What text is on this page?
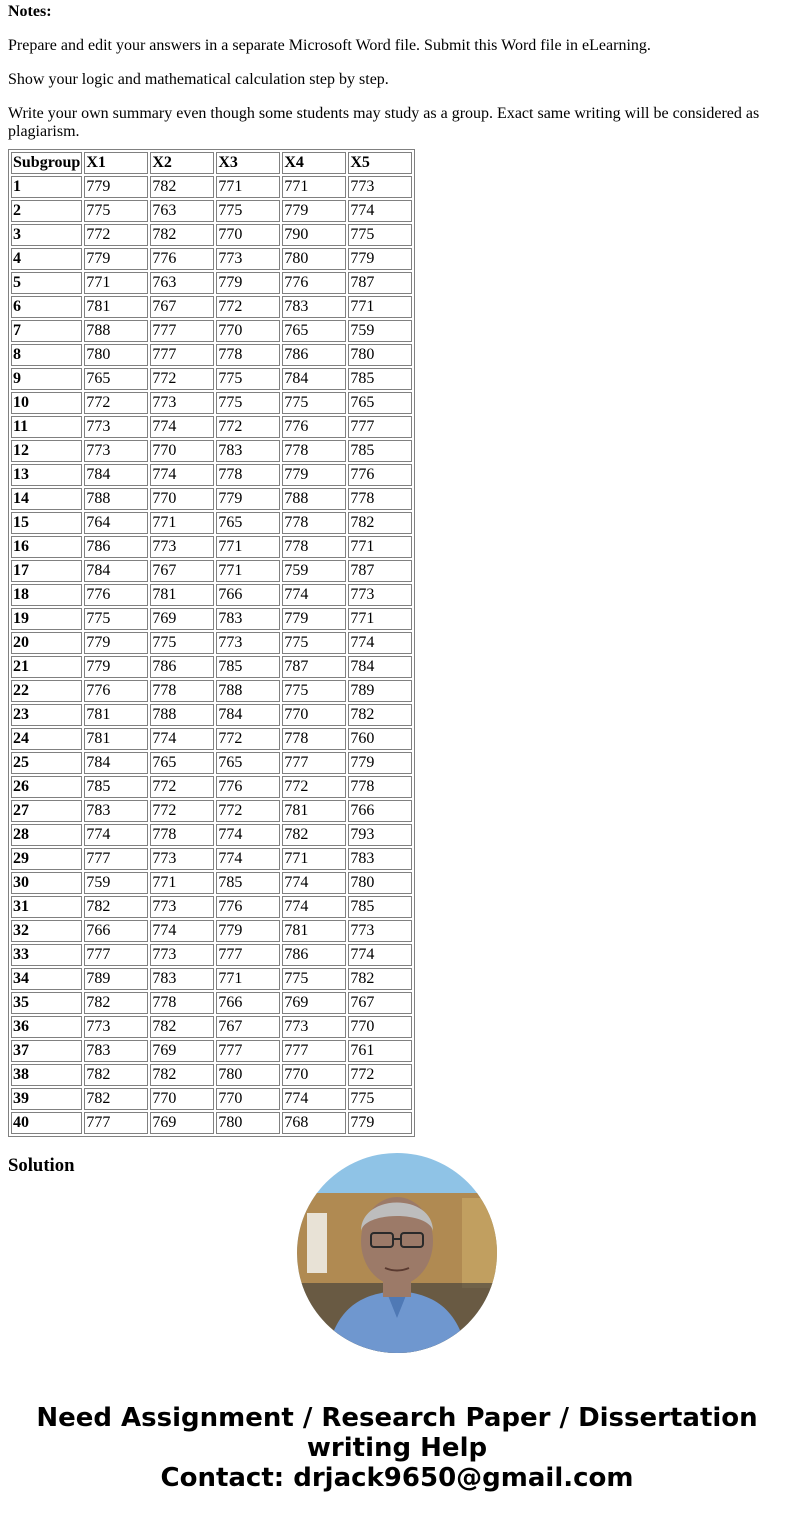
Notes:

Prepare and edit your answers in a separate Microsoft Word file. Submit this Word file in eLearning.

Show your logic and mathematical calculation step by step.

Write your own summary even though some students may study as a group. Exact same writing will be considered as plagiarism.

Subgroup	X1	X2	X3	X4	X5
1	779	782	771	771	773
2	775	763	775	779	774
3	772	782	770	790	775
4	779	776	773	780	779
5	771	763	779	776	787
6	781	767	772	783	771
7	788	777	770	765	759
8	780	777	778	786	780
9	765	772	775	784	785
10	772	773	775	775	765
11	773	774	772	776	777
12	773	770	783	778	785
13	784	774	778	779	776
14	788	770	779	788	778
15	764	771	765	778	782
16	786	773	771	778	771
17	784	767	771	759	787
18	776	781	766	774	773
19	775	769	783	779	771
20	779	775	773	775	774
21	779	786	785	787	784
22	776	778	788	775	789
23	781	788	784	770	782
24	781	774	772	778	760
25	784	765	765	777	779
26	785	772	776	772	778
27	783	772	772	781	766
28	774	778	774	782	793
29	777	773	774	771	783
30	759	771	785	774	780
31	782	773	776	774	785
32	766	774	779	781	773
33	777	773	777	786	774
34	789	783	771	775	782
35	782	778	766	769	767
36	773	782	767	773	770
37	783	769	777	777	761
38	782	782	780	770	772
39	782	770	770	774	775
40	777	769	780	768	779
Solution
Need Assignment / Research Paper / Dissertation
writing Help
Contact: drjack9650@gmail.com
